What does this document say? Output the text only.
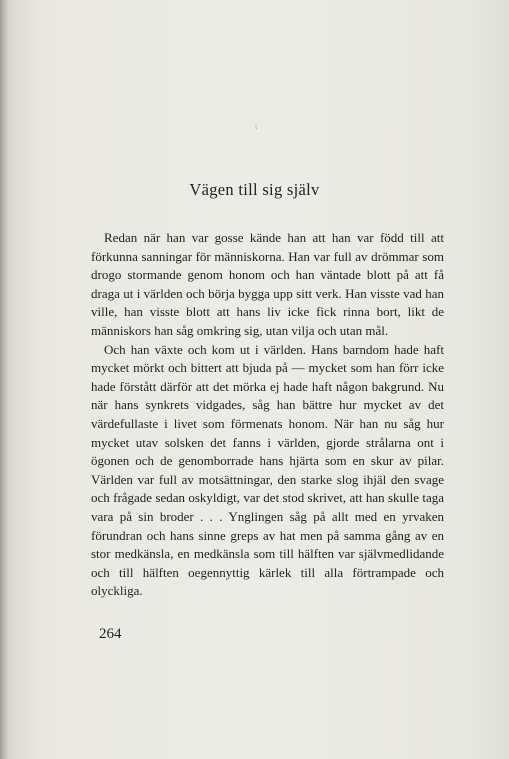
r
Vägen till sig själv

Redan när han var gosse kände han att han var född till att förkunna sanningar för människorna. Han var full av drömmar som drogo stormande genom honom och han väntade blott på att få draga ut i världen och börja bygga upp sitt verk. Han visste vad han ville, han visste blott att hans liv icke fick rinna bort, likt de människors han såg omkring sig, utan vilja och utan mål.

Och han växte och kom ut i världen. Hans barndom hade haft mycket mörkt och bittert att bjuda på — mycket som han förr icke hade förstått därför att det mörka ej hade haft någon bakgrund. Nu när hans synkrets vidgades, såg han bättre hur mycket av det värdefullaste i livet som förmenats honom. När han nu såg hur mycket utav solsken det fanns i världen, gjorde strålarna ont i ögonen och de genomborrade hans hjärta som en skur av pilar. Världen var full av motsättningar, den starke slog ihjäl den svage och frågade sedan oskyldigt, var det stod skrivet, att han skulle taga vara på sin broder . . . Ynglingen såg på allt med en yrvaken förundran och hans sinne greps av hat men på samma gång av en stor medkänsla, en medkänsla som till hälften var självmedlidande och till hälften oegennyttig kärlek till alla förtrampade och olyckliga.

264
